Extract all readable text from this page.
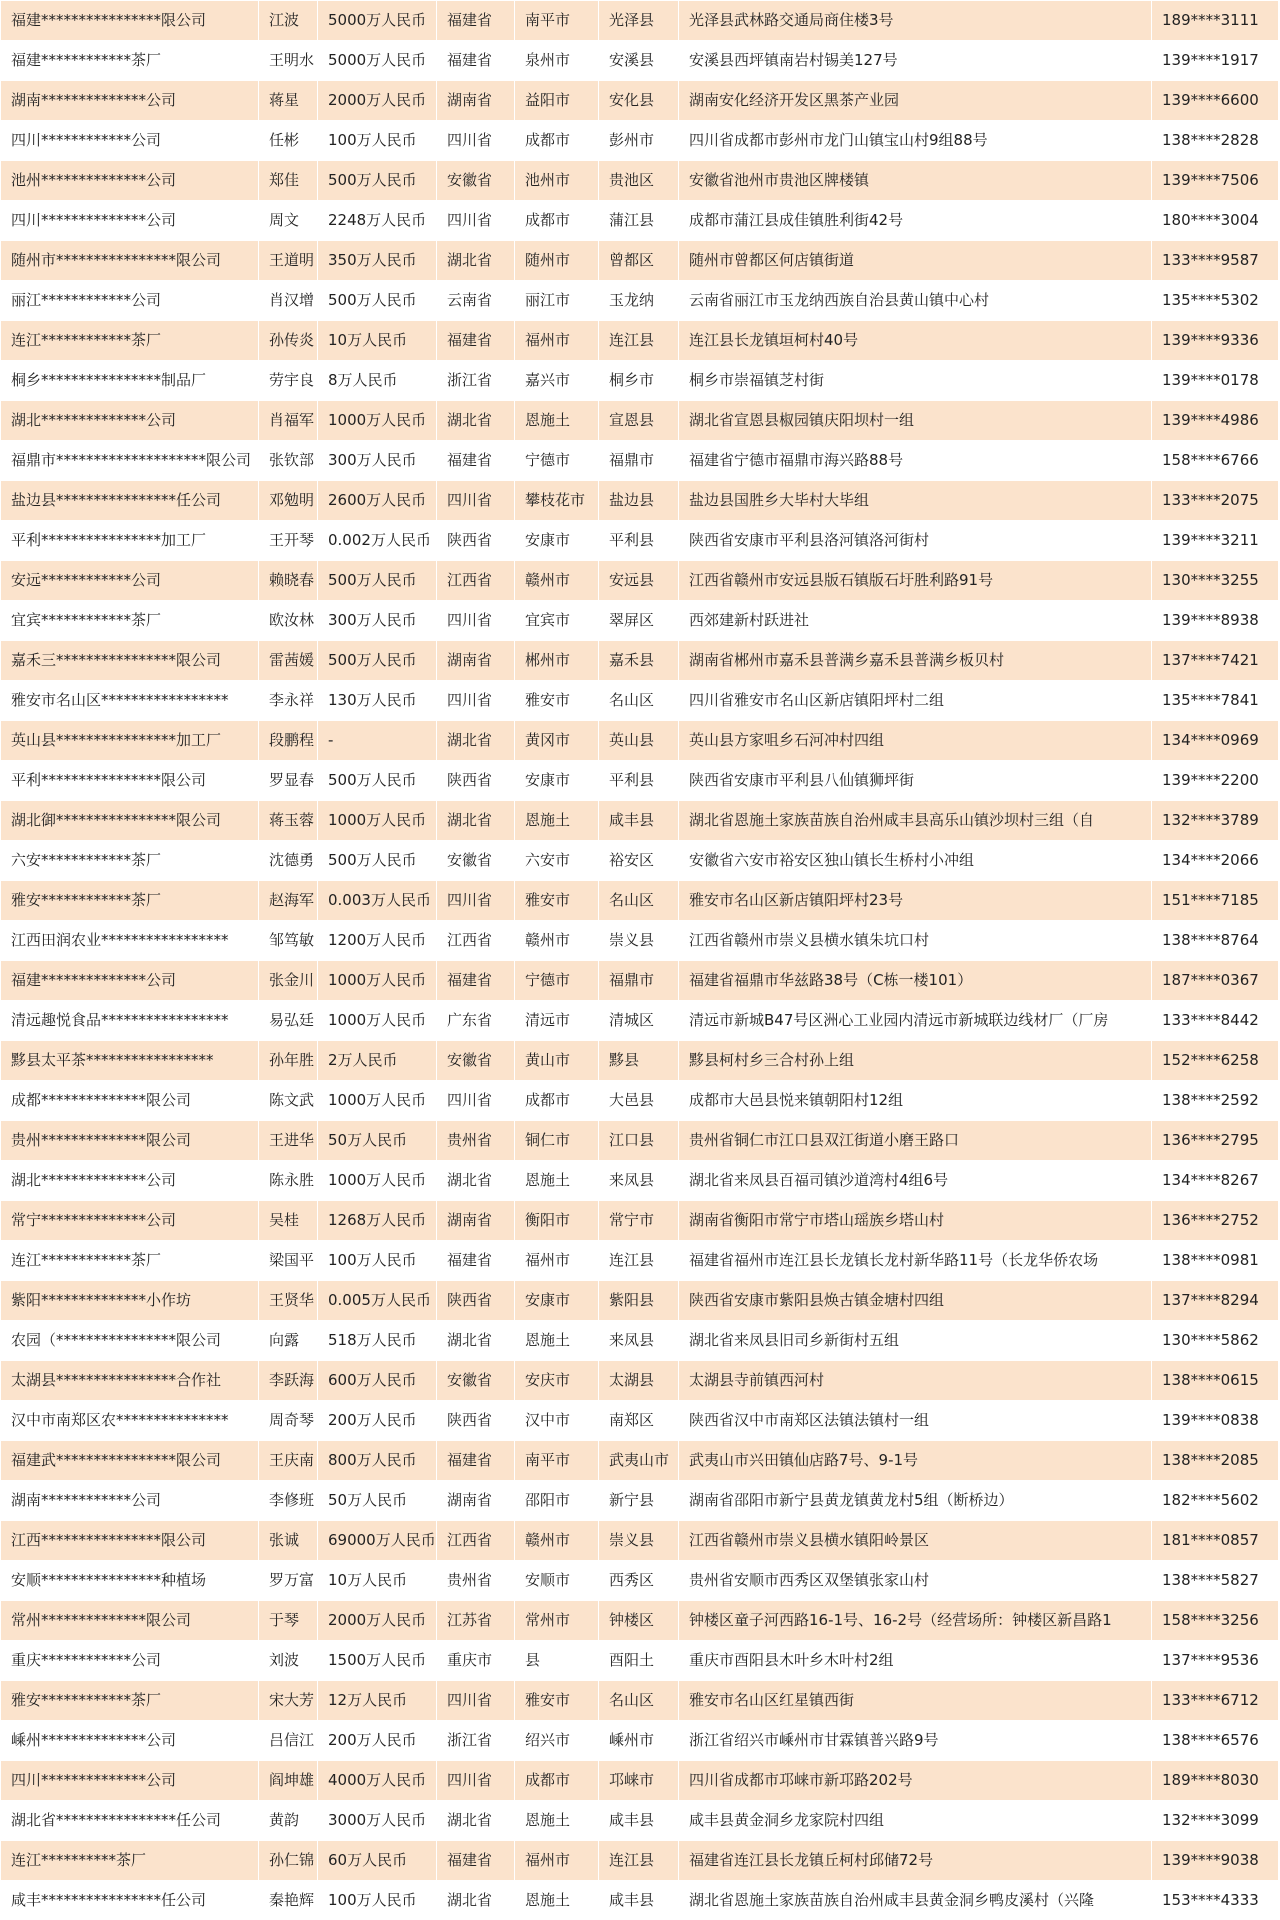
福建****************限公司	江波	5000万人民币	福建省	南平市	光泽县	光泽县武林路交通局商住楼3号	189****3111
福建************茶厂	王明水	5000万人民币	福建省	泉州市	安溪县	安溪县西坪镇南岩村锡美127号	139****1917
湖南**************公司	蒋星	2000万人民币	湖南省	益阳市	安化县	湖南安化经济开发区黑茶产业园	139****6600
四川************公司	任彬	100万人民币	四川省	成都市	彭州市	四川省成都市彭州市龙门山镇宝山村9组88号	138****2828
池州**************公司	郑佳	500万人民币	安徽省	池州市	贵池区	安徽省池州市贵池区牌楼镇	139****7506
四川**************公司	周文	2248万人民币	四川省	成都市	蒲江县	成都市蒲江县成佳镇胜利街42号	180****3004
随州市****************限公司	王道明	350万人民币	湖北省	随州市	曾都区	随州市曾都区何店镇街道	133****9587
丽江************公司	肖汉增	500万人民币	云南省	丽江市	玉龙纳	云南省丽江市玉龙纳西族自治县黄山镇中心村	135****5302
连江************茶厂	孙传炎	10万人民币	福建省	福州市	连江县	连江县长龙镇垣柯村40号	139****9336
桐乡****************制品厂	劳宇良	8万人民币	浙江省	嘉兴市	桐乡市	桐乡市崇福镇芝村街	139****0178
湖北**************公司	肖福军	1000万人民币	湖北省	恩施土	宣恩县	湖北省宣恩县椒园镇庆阳坝村一组	139****4986
福鼎市********************限公司	张钦部	300万人民币	福建省	宁德市	福鼎市	福建省宁德市福鼎市海兴路88号	158****6766
盐边县****************任公司	邓勉明	2600万人民币	四川省	攀枝花市	盐边县	盐边县国胜乡大毕村大毕组	133****2075
平利****************加工厂	王开琴	0.002万人民币	陕西省	安康市	平利县	陕西省安康市平利县洛河镇洛河街村	139****3211
安远************公司	赖晓春	500万人民币	江西省	赣州市	安远县	江西省赣州市安远县版石镇版石圩胜利路91号	130****3255
宜宾************茶厂	欧汝林	300万人民币	四川省	宜宾市	翠屏区	西郊建新村跃进社	139****8938
嘉禾三****************限公司	雷茜媛	500万人民币	湖南省	郴州市	嘉禾县	湖南省郴州市嘉禾县普满乡嘉禾县普满乡板贝村	137****7421
雅安市名山区*****************	李永祥	130万人民币	四川省	雅安市	名山区	四川省雅安市名山区新店镇阳坪村二组	135****7841
英山县****************加工厂	段鹏程	-	湖北省	黄冈市	英山县	英山县方家咀乡石河冲村四组	134****0969
平利****************限公司	罗显春	500万人民币	陕西省	安康市	平利县	陕西省安康市平利县八仙镇狮坪街	139****2200
湖北御****************限公司	蒋玉蓉	1000万人民币	湖北省	恩施土	咸丰县	湖北省恩施土家族苗族自治州咸丰县高乐山镇沙坝村三组（自	132****3789
六安************茶厂	沈德勇	500万人民币	安徽省	六安市	裕安区	安徽省六安市裕安区独山镇长生桥村小冲组	134****2066
雅安************茶厂	赵海军	0.003万人民币	四川省	雅安市	名山区	雅安市名山区新店镇阳坪村23号	151****7185
江西田润农业*****************	邹笃敏	1200万人民币	江西省	赣州市	崇义县	江西省赣州市崇义县横水镇朱坑口村	138****8764
福建**************公司	张金川	1000万人民币	福建省	宁德市	福鼎市	福建省福鼎市华兹路38号（C栋一楼101）	187****0367
清远趣悦食品*****************	易弘廷	1000万人民币	广东省	清远市	清城区	清远市新城B47号区洲心工业园内清远市新城联边线材厂（厂房	133****8442
黟县太平茶*****************	孙年胜	2万人民币	安徽省	黄山市	黟县	黟县柯村乡三合村孙上组	152****6258
成都**************限公司	陈文武	1000万人民币	四川省	成都市	大邑县	成都市大邑县悦来镇朝阳村12组	138****2592
贵州**************限公司	王进华	50万人民币	贵州省	铜仁市	江口县	贵州省铜仁市江口县双江街道小磨王路口	136****2795
湖北**************公司	陈永胜	1000万人民币	湖北省	恩施土	来凤县	湖北省来凤县百福司镇沙道湾村4组6号	134****8267
常宁**************公司	吴桂	1268万人民币	湖南省	衡阳市	常宁市	湖南省衡阳市常宁市塔山瑶族乡塔山村	136****2752
连江************茶厂	梁国平	100万人民币	福建省	福州市	连江县	福建省福州市连江县长龙镇长龙村新华路11号（长龙华侨农场	138****0981
紫阳**************小作坊	王贤华	0.005万人民币	陕西省	安康市	紫阳县	陕西省安康市紫阳县焕古镇金塘村四组	137****8294
农园（****************限公司	向露	518万人民币	湖北省	恩施土	来凤县	湖北省来凤县旧司乡新街村五组	130****5862
太湖县****************合作社	李跃海	600万人民币	安徽省	安庆市	太湖县	太湖县寺前镇西河村	138****0615
汉中市南郑区农***************	周奇琴	200万人民币	陕西省	汉中市	南郑区	陕西省汉中市南郑区法镇法镇村一组	139****0838
福建武****************限公司	王庆南	800万人民币	福建省	南平市	武夷山市	武夷山市兴田镇仙店路7号、9-1号	138****2085
湖南************公司	李修班	50万人民币	湖南省	邵阳市	新宁县	湖南省邵阳市新宁县黄龙镇黄龙村5组（断桥边）	182****5602
江西****************限公司	张诚	69000万人民币	江西省	赣州市	崇义县	江西省赣州市崇义县横水镇阳岭景区	181****0857
安顺****************种植场	罗万富	10万人民币	贵州省	安顺市	西秀区	贵州省安顺市西秀区双堡镇张家山村	138****5827
常州**************限公司	于琴	2000万人民币	江苏省	常州市	钟楼区	钟楼区童子河西路16-1号、16-2号（经营场所：钟楼区新昌路1	158****3256
重庆************公司	刘波	1500万人民币	重庆市	县	酉阳土	重庆市酉阳县木叶乡木叶村2组	137****9536
雅安************茶厂	宋大芳	12万人民币	四川省	雅安市	名山区	雅安市名山区红星镇西街	133****6712
嵊州**************公司	吕信江	200万人民币	浙江省	绍兴市	嵊州市	浙江省绍兴市嵊州市甘霖镇普兴路9号	138****6576
四川**************公司	阎坤雄	4000万人民币	四川省	成都市	邛崃市	四川省成都市邛崃市新邛路202号	189****8030
湖北省****************任公司	黄韵	3000万人民币	湖北省	恩施土	咸丰县	咸丰县黄金洞乡龙家院村四组	132****3099
连江**********茶厂	孙仁锦	60万人民币	福建省	福州市	连江县	福建省连江县长龙镇丘柯村邱储72号	139****9038
咸丰****************任公司	秦艳辉	100万人民币	湖北省	恩施土	咸丰县	湖北省恩施土家族苗族自治州咸丰县黄金洞乡鸭皮溪村（兴隆	153****4333
